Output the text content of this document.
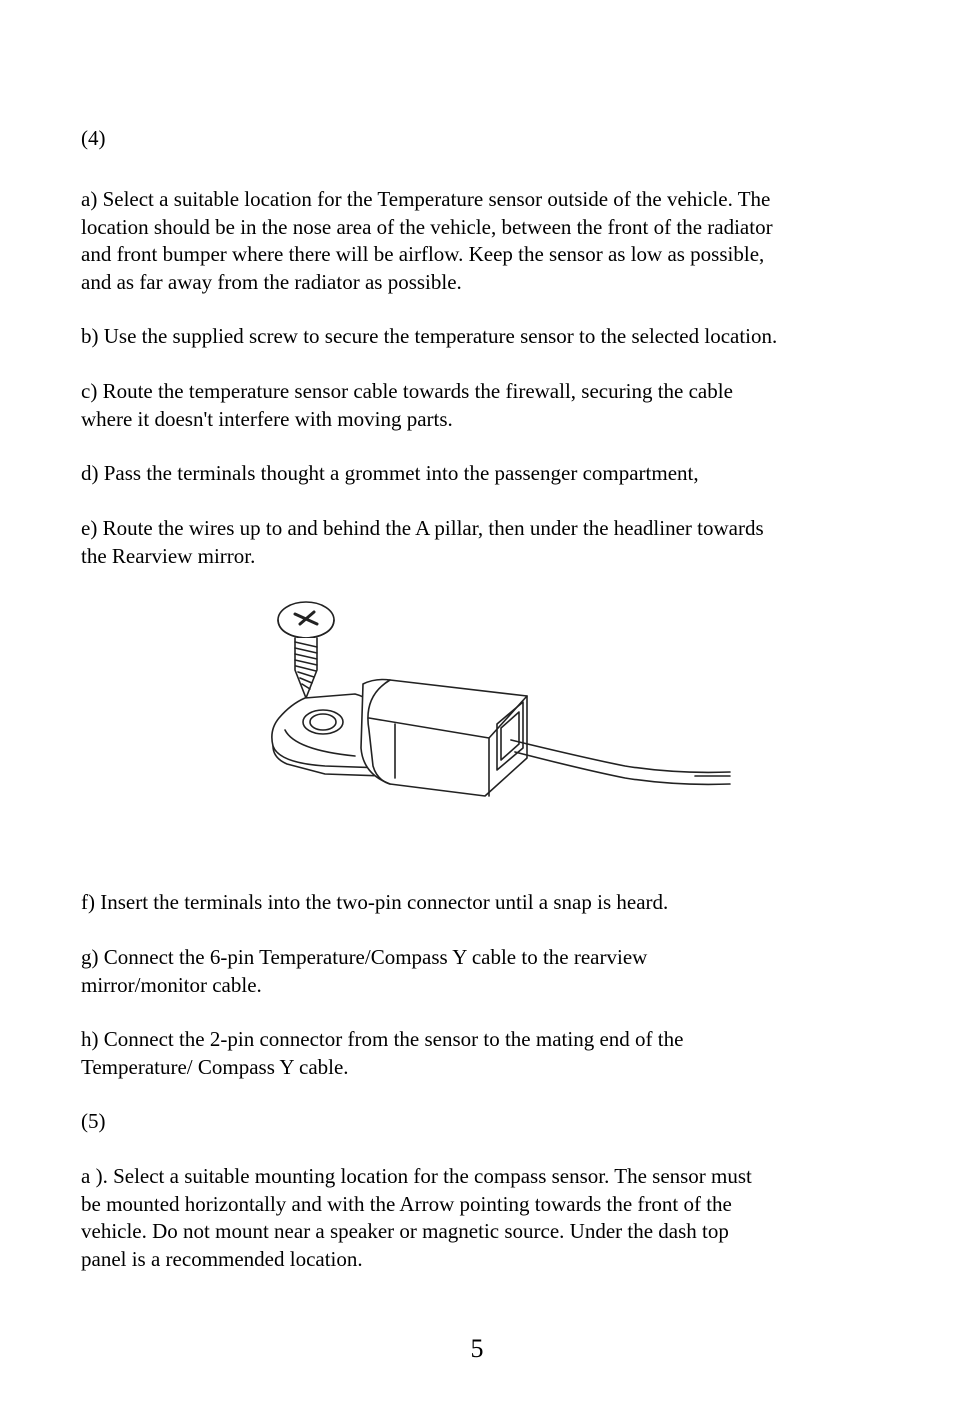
(4)

a) Select a suitable location for the Temperature sensor outside of the vehicle. The
location should be in the nose area of the vehicle, between the front of the radiator
and front bumper where there will be airflow. Keep the sensor as low as possible,
and as far away from the radiator as possible.

b) Use the supplied screw to secure the temperature sensor to the selected location.

c) Route the temperature sensor cable towards the firewall, securing the cable
where it doesn't interfere with moving parts.

d) Pass the terminals thought a grommet into the passenger compartment,

e) Route the wires up to and behind the A pillar, then under the headliner towards
the Rearview mirror.

f) Insert the terminals into the two-pin connector until a snap is heard.

g) Connect the 6-pin Temperature/Compass Y cable to the rearview
mirror/monitor cable.

h) Connect the 2-pin connector from the sensor to the mating end of the
Temperature/ Compass Y cable.

(5)

a ). Select a suitable mounting location for the compass sensor. The sensor must
be mounted horizontally and with the Arrow pointing towards the front of the
vehicle. Do not mount near a speaker or magnetic source. Under the dash top
panel is a recommended location.

5
